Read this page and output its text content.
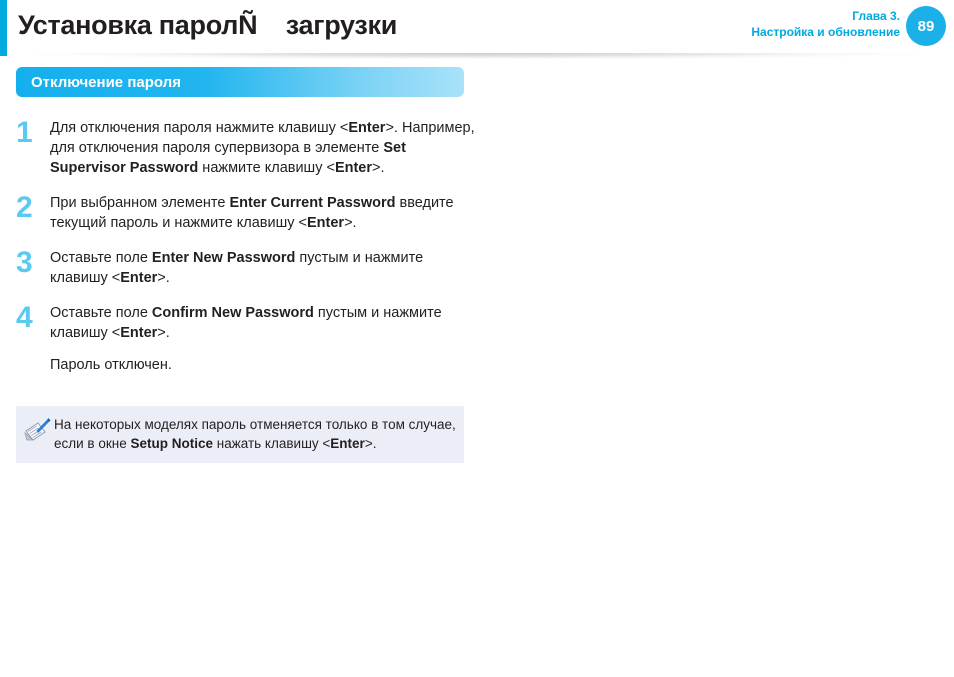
Установка паролÑ загрузки	Глава 3.
Настройка и обновление	89
Отключение пароля
1	Для отключения пароля нажмите клавишу <Enter>. Например, для отключения пароля супервизора в элементе Set Supervisor Password нажмите клавишу <Enter>.
2	При выбранном элементе Enter Current Password введите текущий пароль и нажмите клавишу <Enter>.
3	Оставьте поле Enter New Password пустым и нажмите клавишу <Enter>.
4	Оставьте поле Confirm New Password пустым и нажмите клавишу <Enter>.
Пароль отключен.
На некоторых моделях пароль отменяется только в том случае, если в окне Setup Notice нажать клавишу <Enter>.
